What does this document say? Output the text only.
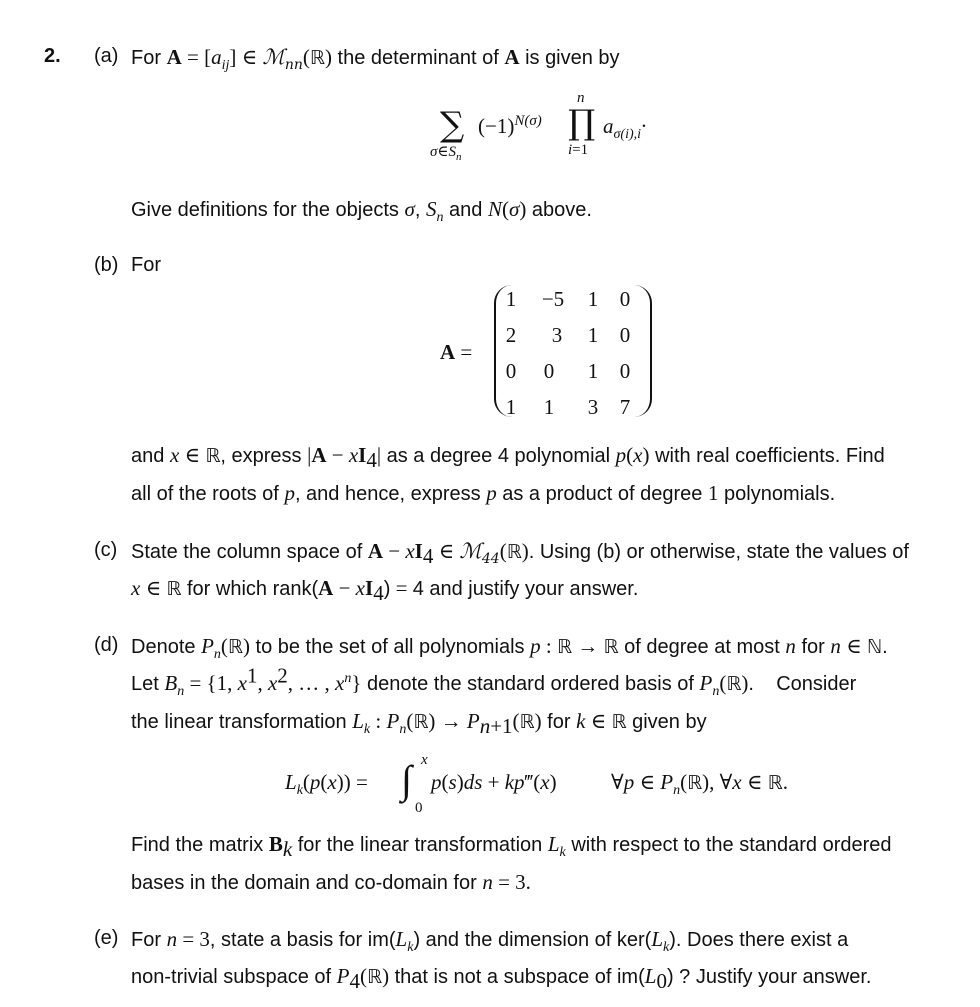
2. (a) For $A = [a_{ij}]$ ∈ ℳ$_{nn}$(ℝ) the determinant of A is given by
∑
$\sigma\in S_n$
$(-1)^{N(\sigma)}$
n
∏
i=1
$a_{\sigma(i),i}\cdot$
Give definitions for the objects σ, $S_n$ and N(σ) above.
(b) For
A =
1	−5	1	0
2	3	1	0
0	0	1	0
1	1	3	7
and x ∈ ℝ, express $|A - xI_4|$ as a degree 4 polynomial p(x) with real coefficients. Find
all of the roots of p, and hence, express p as a product of degree 1 polynomials.
(c) State the column space of $A - xI_4$ ∈ ℳ$_{44}$(ℝ). Using (b) or otherwise, state the values of
x ∈ ℝ for which rank(A − $xI_4) = 4$ and justify your answer.
(d) Denote $P_n(ℝ)$ to be the set of all polynomials p : ℝ → ℝ of degree at most n for n ∈ ℕ.
Let $B_n = \{1$, $x^1$, $x^2$, … , $x^n$} denote the standard ordered basis of $P_n(ℝ)$.    Consider
the linear transformation $L_k$ : $P_n(ℝ)$ → $P_{n+1}(ℝ)$ for k ∈ ℝ given by
$L_k(p(x))$ = ∫ x
0
p(s)ds + kp‴(x)	∀p ∈ $P_n(ℝ)$, ∀x ∈ ℝ.
Find the matrix $B_k$ for the linear transformation $L_k$ with respect to the standard ordered
bases in the domain and co-domain for n = 3.
(e) For n = 3, state a basis for $im(L_k)$ and the dimension of $ker(L_k)$. Does there exist a
non-trivial subspace of $P_4(ℝ)$ that is not a subspace of $im(L_0)$ ? Justify your answer.
